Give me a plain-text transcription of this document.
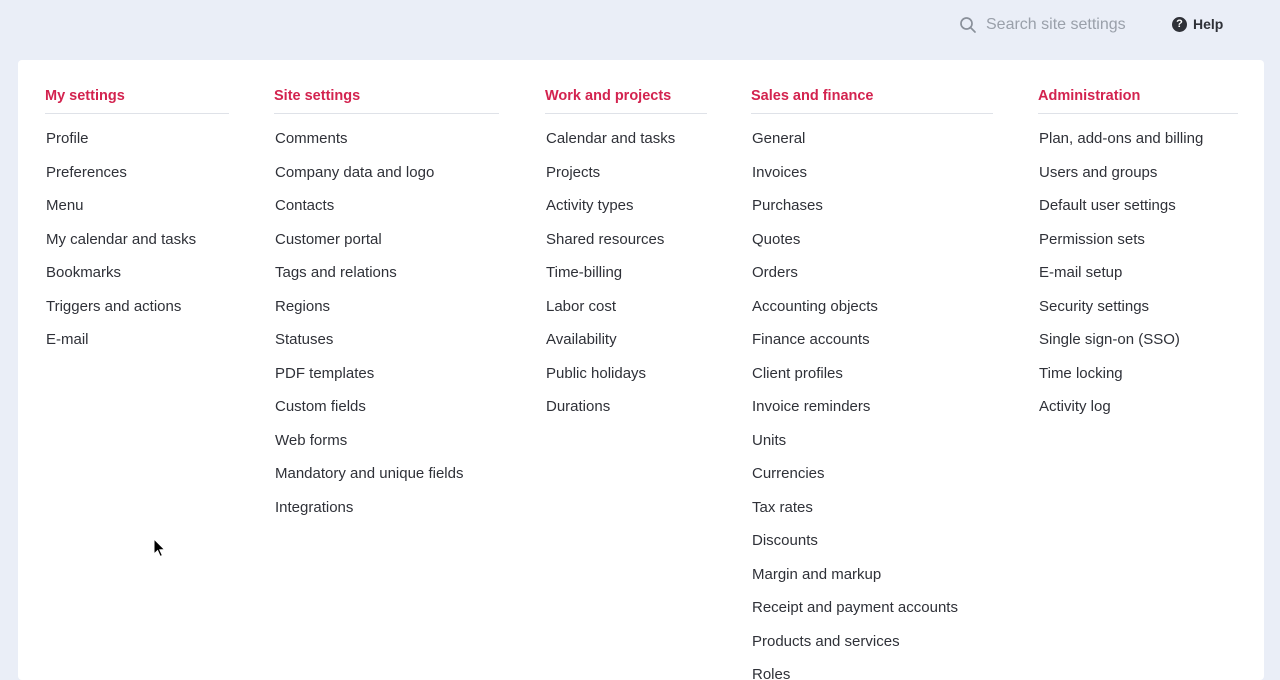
Search site settings
? Help
My settings
Profile
Preferences
Menu
My calendar and tasks
Bookmarks
Triggers and actions
E-mail
Site settings
Comments
Company data and logo
Contacts
Customer portal
Tags and relations
Regions
Statuses
PDF templates
Custom fields
Web forms
Mandatory and unique fields
Integrations
Work and projects
Calendar and tasks
Projects
Activity types
Shared resources
Time-billing
Labor cost
Availability
Public holidays
Durations
Sales and finance
General
Invoices
Purchases
Quotes
Orders
Accounting objects
Finance accounts
Client profiles
Invoice reminders
Units
Currencies
Tax rates
Discounts
Margin and markup
Receipt and payment accounts
Products and services
Roles
Administration
Plan, add-ons and billing
Users and groups
Default user settings
Permission sets
E-mail setup
Security settings
Single sign-on (SSO)
Time locking
Activity log
